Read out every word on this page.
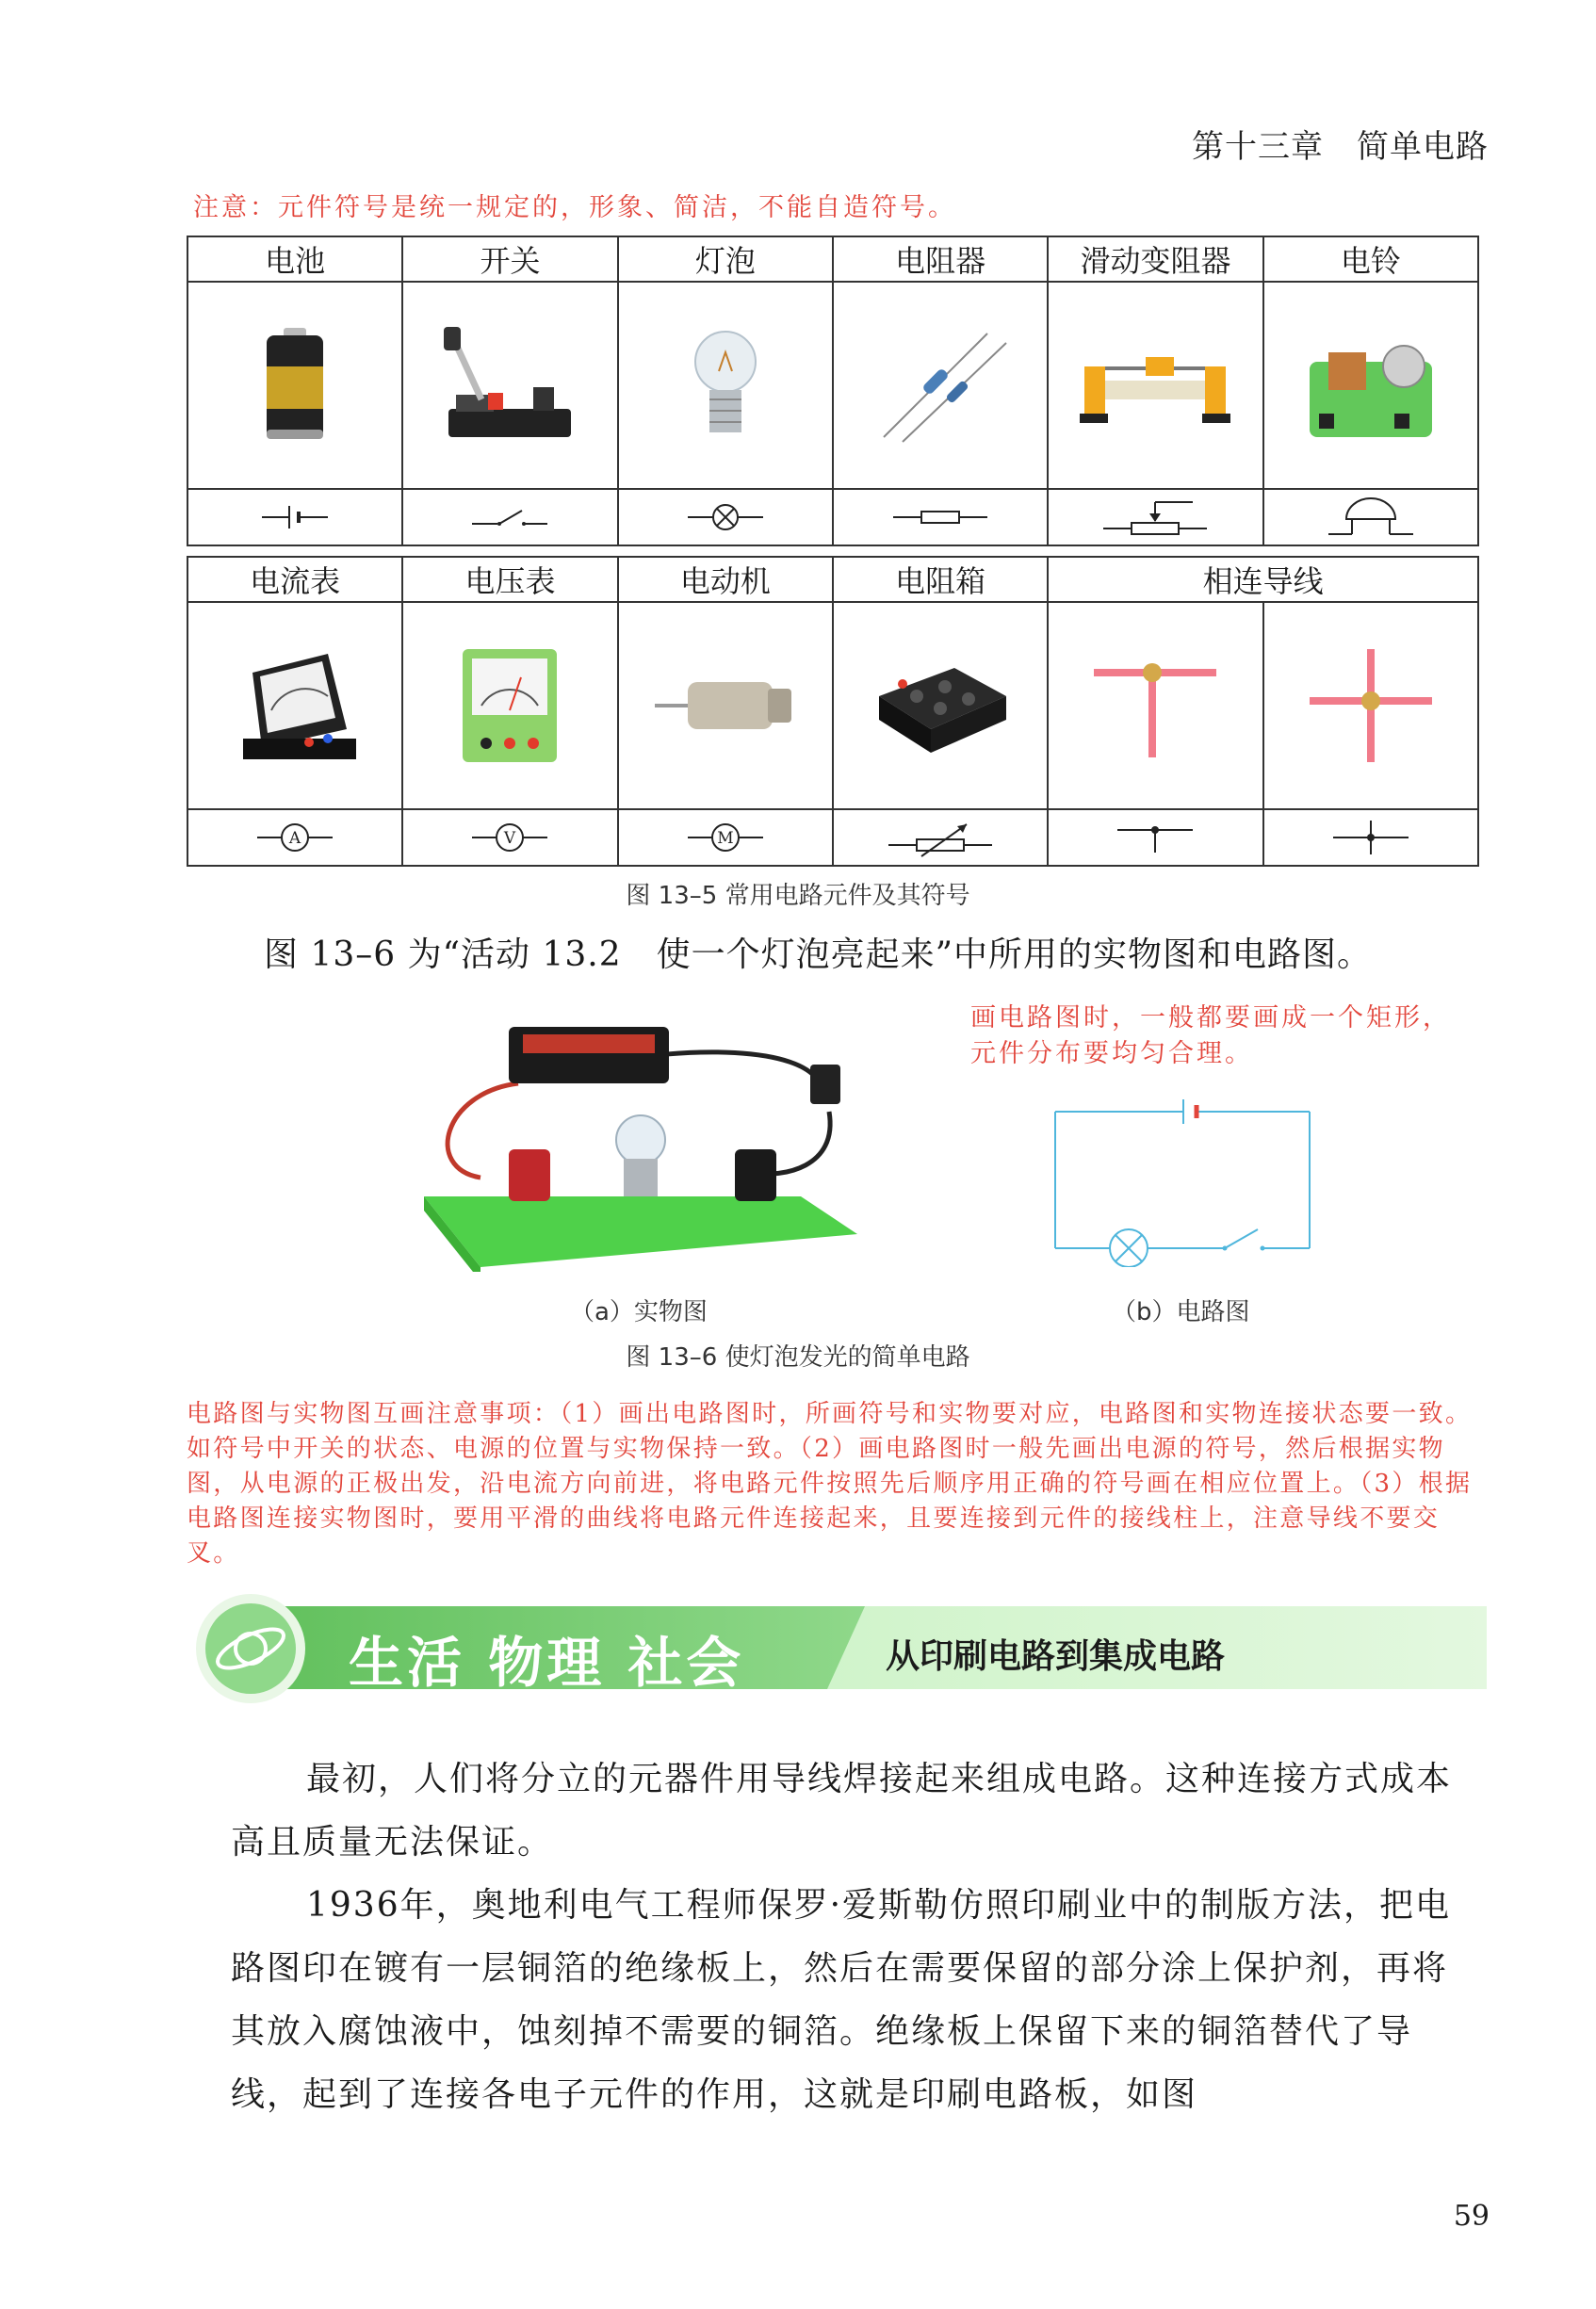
第十三章　简单电路
注意：元件符号是统一规定的，形象、简洁，不能自造符号。
电池	开关	灯泡	电阻器	滑动变阻器	电铃

电流表	电压表	电动机	电阻箱	相连导线	

A	V	M

图 13–5 常用电路元件及其符号
图 13–6 为“活动 13.2　使一个灯泡亮起来”中所用的实物图和电路图。
画电路图时，一般都要画成一个矩形，元件分布要均匀合理。
（a）实物图	（b）电路图
图 13–6 使灯泡发光的简单电路
电路图与实物图互画注意事项：（1）画出电路图时，所画符号和实物要对应，电路图和实物连接状态要一致。如符号中开关的状态、电源的位置与实物保持一致。（2）画电路图时一般先画出电源的符号，然后根据实物图，从电源的正极出发，沿电流方向前进，将电路元件按照先后顺序用正确的符号画在相应位置上。（3）根据电路图连接实物图时，要用平滑的曲线将电路元件连接起来，且要连接到元件的接线柱上，注意导线不要交叉。
生活 物理 社会	从印刷电路到集成电路

最初，人们将分立的元器件用导线焊接起来组成电路。这种连接方式成本高且质量无法保证。

1936年，奥地利电气工程师保罗·爱斯勒仿照印刷业中的制版方法，把电路图印在镀有一层铜箔的绝缘板上，然后在需要保留的部分涂上保护剂，再将其放入腐蚀液中，蚀刻掉不需要的铜箔。绝缘板上保留下来的铜箔替代了导线，起到了连接各电子元件的作用，这就是印刷电路板，如图

59
